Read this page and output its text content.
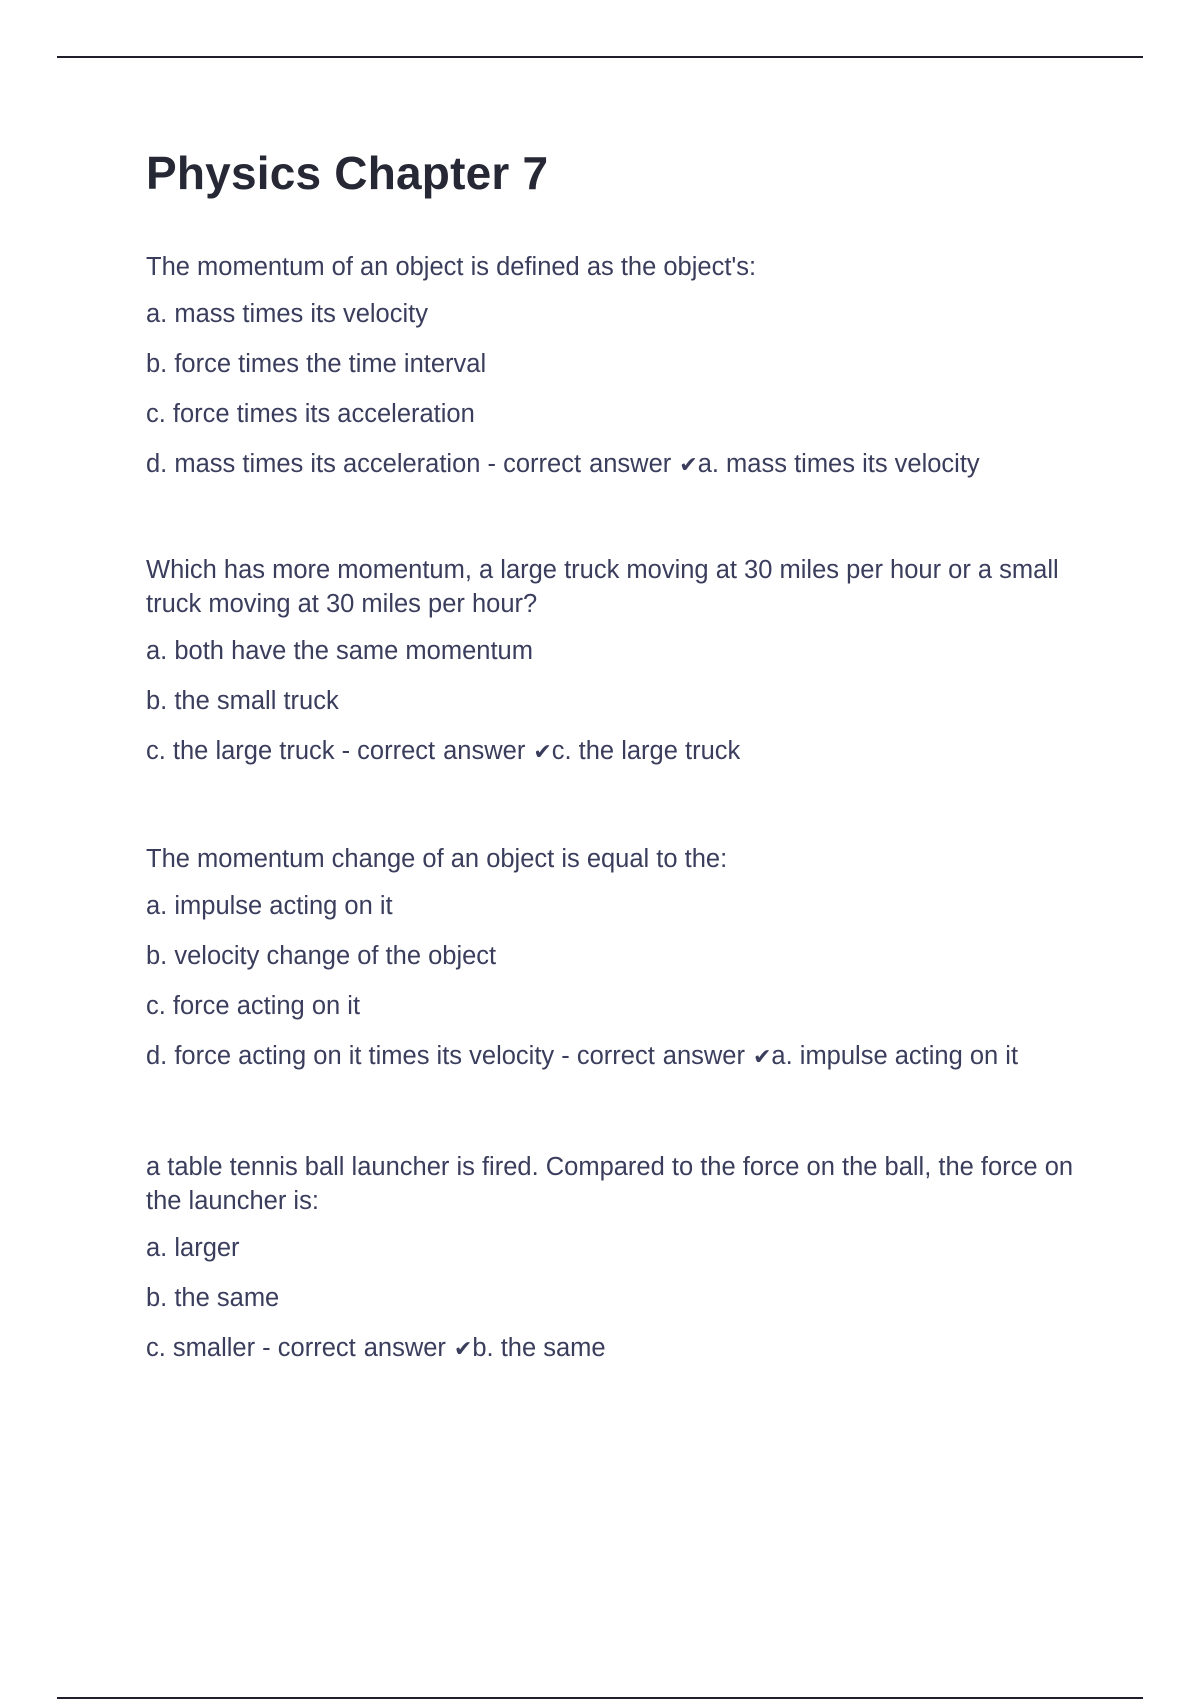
Physics Chapter 7

The momentum of an object is defined as the object's:

a. mass times its velocity

b. force times the time interval

c. force times its acceleration

d. mass times its acceleration - correct answer ✔a. mass times its velocity

Which has more momentum, a large truck moving at 30 miles per hour or a small truck moving at 30 miles per hour?

a. both have the same momentum

b. the small truck

c. the large truck - correct answer ✔c. the large truck

The momentum change of an object is equal to the:

a. impulse acting on it

b. velocity change of the object

c. force acting on it

d. force acting on it times its velocity - correct answer ✔a. impulse acting on it

a table tennis ball launcher is fired. Compared to the force on the ball, the force on the launcher is:

a. larger

b. the same

c. smaller - correct answer ✔b. the same
